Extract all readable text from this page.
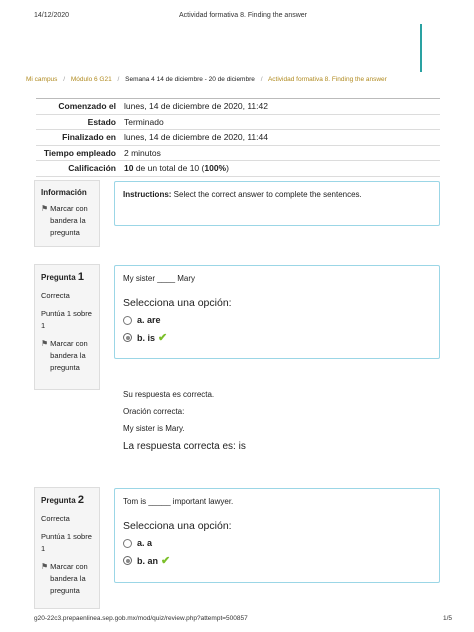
14/12/2020	Actividad formativa 8. Finding the answer
Mi campus / Módulo 6 G21 / Semana 4 14 de diciembre - 20 de diciembre / Actividad formativa 8. Finding the answer
Comenzado el lunes, 14 de diciembre de 2020, 11:42
Estado Terminado
Finalizado en lunes, 14 de diciembre de 2020, 11:44
Tiempo empleado 2 minutos
Calificación 10 de un total de 10 (100%)
Información
⚑ Marcar con bandera la pregunta
Instructions: Select the correct answer to complete the sentences.
Pregunta 1
Correcta
Puntúa 1 sobre 1
⚑ Marcar con bandera la pregunta
My sister ____ Mary
Selecciona una opción:
a. are
b. is ✔
Su respuesta es correcta.
Oración correcta:
My sister is Mary.
La respuesta correcta es: is
Pregunta 2
Correcta
Puntúa 1 sobre 1
⚑ Marcar con bandera la pregunta
Tom is _____ important lawyer.
Selecciona una opción:
a. a
b. an ✔
g20-22c3.prepaenlinea.sep.gob.mx/mod/quiz/review.php?attempt=500857	1/5
